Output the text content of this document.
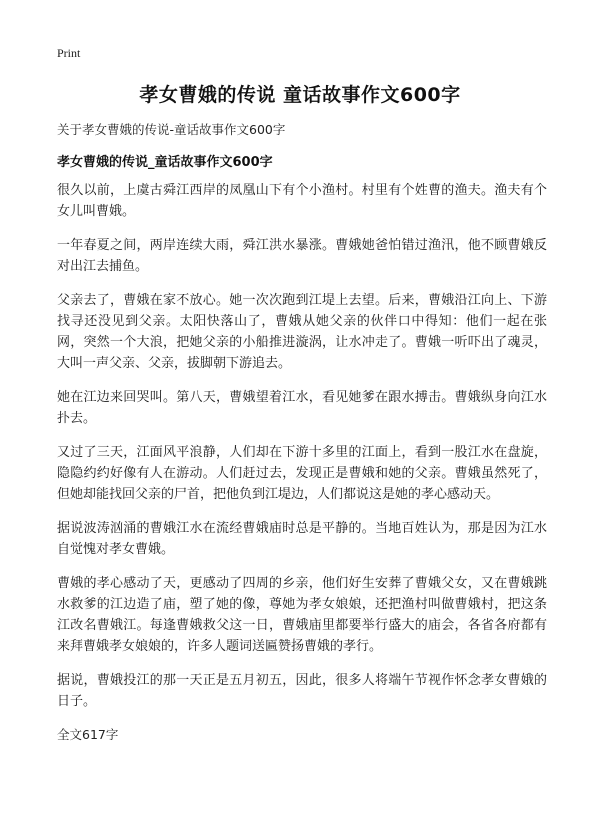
Print
孝女曹娥的传说 童话故事作文600字

关于孝女曹娥的传说-童话故事作文600字

孝女曹娥的传说_童话故事作文600字

很久以前，上虞古舜江西岸的凤凰山下有个小渔村。村里有个姓曹的渔夫。渔夫有个女儿叫曹娥。

一年春夏之间，两岸连续大雨，舜江洪水暴涨。曹娥她爸怕错过渔汛，他不顾曹娥反对出江去捕鱼。

父亲去了，曹娥在家不放心。她一次次跑到江堤上去望。后来，曹娥沿江向上、下游找寻还没见到父亲。太阳快落山了，曹娥从她父亲的伙伴口中得知：他们一起在张网，突然一个大浪，把她父亲的小船推进漩涡，让水冲走了。曹娥一听吓出了魂灵，大叫一声父亲、父亲，拔脚朝下游追去。

她在江边来回哭叫。第八天，曹娥望着江水，看见她爹在跟水搏击。曹娥纵身向江水扑去。

又过了三天，江面风平浪静，人们却在下游十多里的江面上，看到一股江水在盘旋，隐隐约约好像有人在游动。人们赶过去，发现正是曹娥和她的父亲。曹娥虽然死了，但她却能找回父亲的尸首，把他负到江堤边，人们都说这是她的孝心感动天。

据说波涛汹涌的曹娥江水在流经曹娥庙时总是平静的。当地百姓认为，那是因为江水自觉愧对孝女曹娥。

曹娥的孝心感动了天，更感动了四周的乡亲，他们好生安葬了曹娥父女，又在曹娥跳水救爹的江边造了庙，塑了她的像，尊她为孝女娘娘，还把渔村叫做曹娥村，把这条江改名曹娥江。每逢曹娥救父这一日，曹娥庙里都要举行盛大的庙会，各省各府都有来拜曹娥孝女娘娘的，许多人题词送匾赞扬曹娥的孝行。

据说，曹娥投江的那一天正是五月初五，因此，很多人将端午节视作怀念孝女曹娥的日子。

全文617字
